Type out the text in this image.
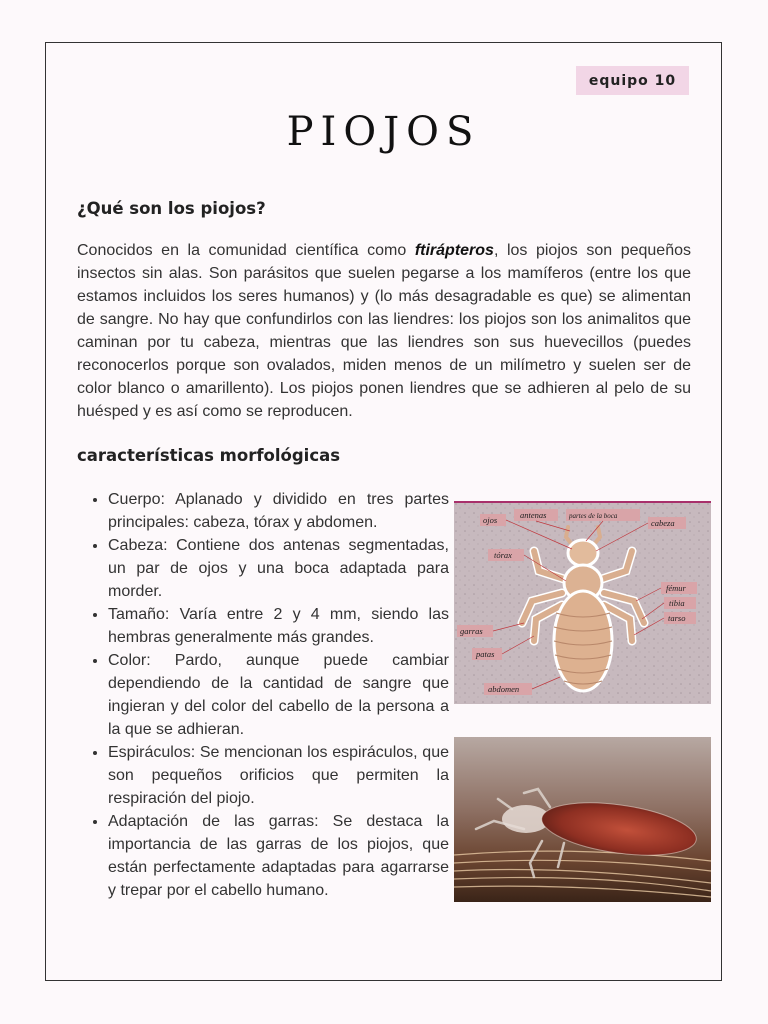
equipo 10
PIOJOS
¿Qué son los piojos?

Conocidos en la comunidad científica como ftirápteros, los piojos son pequeños insectos sin alas. Son parásitos que suelen pegarse a los mamíferos (entre los que estamos incluidos los seres humanos) y (lo más desagradable es que) se alimentan de sangre. No hay que confundirlos con las liendres: los piojos son los animalitos que caminan por tu cabeza, mientras que las liendres son sus huevecillos (puedes reconocerlos porque son ovalados, miden menos de un milímetro y suelen ser de color blanco o amarillento). Los piojos ponen liendres que se adhieren al pelo de su huésped y es así como se reproducen.

características morfológicas
• Cuerpo: Aplanado y dividido en tres partes principales: cabeza, tórax y abdomen.
• Cabeza: Contiene dos antenas segmentadas, un par de ojos y una boca adaptada para morder.
• Tamaño: Varía entre 2 y 4 mm, siendo las hembras generalmente más grandes.
• Color: Pardo, aunque puede cambiar dependiendo de la cantidad de sangre que ingieran y del color del cabello de la persona a la que se adhieran.
• Espiráculos: Se mencionan los espiráculos, que son pequeños orificios que permiten la respiración del piojo.
• Adaptación de las garras: Se destaca la importancia de las garras de los piojos, que están perfectamente adaptadas para agarrarse y trepar por el cabello humano.
ojos	antenas	partes de la boca
cabeza
tórax
fémur
tibia
tarso
garras
patas
abdomen
